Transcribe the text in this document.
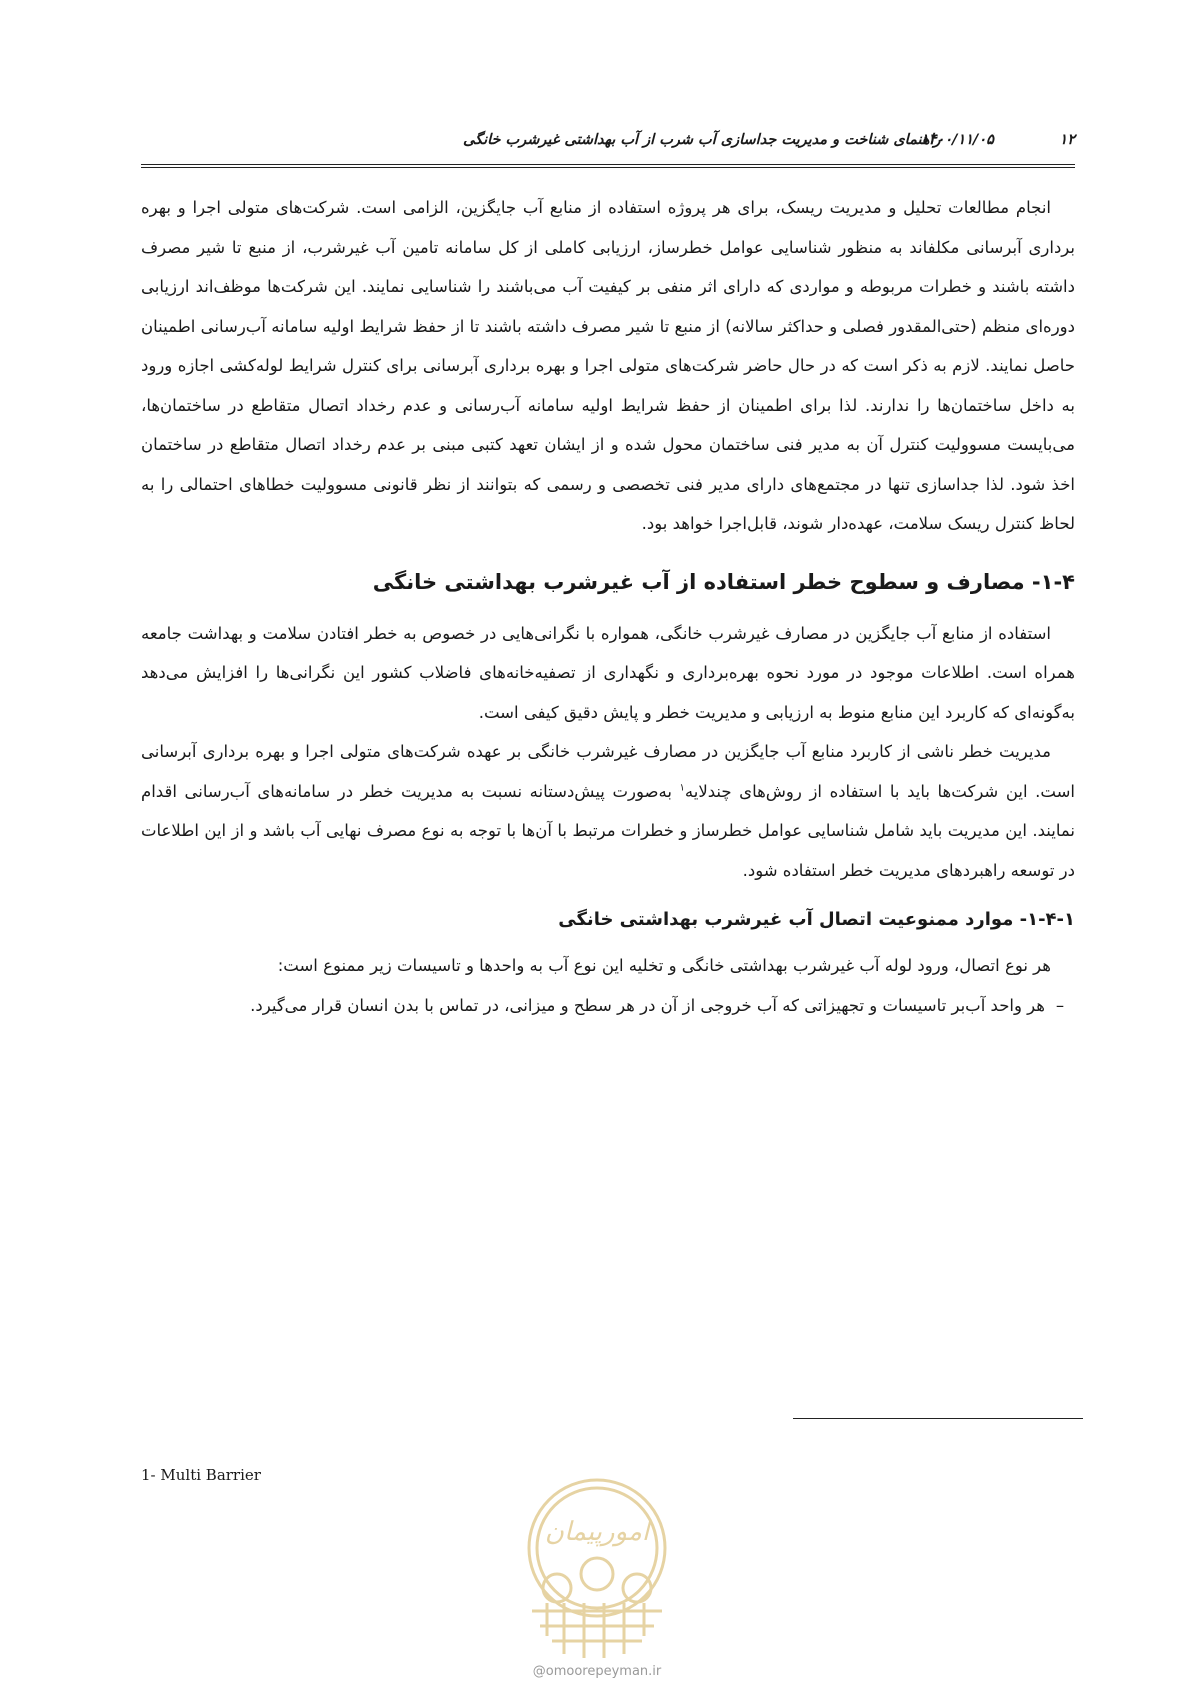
۱۲
۱۴۰۰/۱۱/۰۵
راهنمای شناخت و مدیریت جداسازی آب شرب از آب بهداشتی غیرشرب خانگی

انجام مطالعات تحلیل و مدیریت ریسک، برای هر پروژه استفاده از منابع آب جایگزین، الزامی است. شرکت‌های متولی اجرا و بهره برداری آبرسانی مکلفاند به منظور شناسایی عوامل خطرساز، ارزیابی کاملی از کل سامانه تامین آب غیرشرب، از منبع تا شیر مصرف داشته باشند و خطرات مربوطه و مواردی که دارای اثر منفی بر کیفیت آب می‌باشند را شناسایی نمایند. این شرکت‌ها موظف‌اند ارزیابی دوره‌ای منظم (حتی‌المقدور فصلی و حداکثر سالانه) از منبع تا شیر مصرف داشته باشند تا از حفظ شرایط اولیه سامانه آب‌رسانی اطمینان حاصل نمایند. لازم به ذکر است که در حال حاضر شرکت‌های متولی اجرا و بهره برداری آبرسانی برای کنترل شرایط لوله‌کشی اجازه ورود به داخل ساختمان‌ها را ندارند. لذا برای اطمینان از حفظ شرایط اولیه سامانه آب‌رسانی و عدم رخداد اتصال متقاطع در ساختمان‌ها، می‌بایست مسوولیت کنترل آن به مدیر فنی ساختمان محول شده و از ایشان تعهد کتبی مبنی بر عدم رخداد اتصال متقاطع در ساختمان اخذ شود. لذا جداسازی تنها در مجتمع‌های دارای مدیر فنی تخصصی و رسمی که بتوانند از نظر قانونی مسوولیت خطاهای احتمالی را به لحاظ کنترل ریسک سلامت، عهده‌دار شوند، قابل‌اجرا خواهد بود.

۱-۴- مصارف و سطوح خطر استفاده از آب غیرشرب بهداشتی خانگی

استفاده از منابع آب جایگزین در مصارف غیرشرب خانگی، همواره با نگرانی‌هایی در خصوص به خطر افتادن سلامت و بهداشت جامعه همراه است. اطلاعات موجود در مورد نحوه بهره‌برداری و نگهداری از تصفیه‌خانه‌های فاضلاب کشور این نگرانی‌ها را افزایش می‌دهد به‌گونه‌ای که کاربرد این منابع منوط به ارزیابی و مدیریت خطر و پایش دقیق کیفی است.

مدیریت خطر ناشی از کاربرد منابع آب جایگزین در مصارف غیرشرب خانگی بر عهده شرکت‌های متولی اجرا و بهره برداری آبرسانی است. این شرکت‌ها باید با استفاده از روش‌های چندلایه$^۱$ به‌صورت پیش‌دستانه نسبت به مدیریت خطر در سامانه‌های آب‌رسانی اقدام نمایند. این مدیریت باید شامل شناسایی عوامل خطرساز و خطرات مرتبط با آن‌ها با توجه به نوع مصرف نهایی آب باشد و از این اطلاعات در توسعه راهبردهای مدیریت خطر استفاده شود.

۱-۴-۱- موارد ممنوعیت اتصال آب غیرشرب بهداشتی خانگی

هر نوع اتصال، ورود لوله آب غیرشرب بهداشتی خانگی و تخلیه این نوع آب به واحدها و تاسیسات زیر ممنوع است:

–
هر واحد آب‌بر تاسیسات و تجهیزاتی که آب خروجی از آن در هر سطح و میزانی، در تماس با بدن انسان قرار می‌گیرد.
1- Multi Barrier
امورپیمان
@omoorepeyman.ir
